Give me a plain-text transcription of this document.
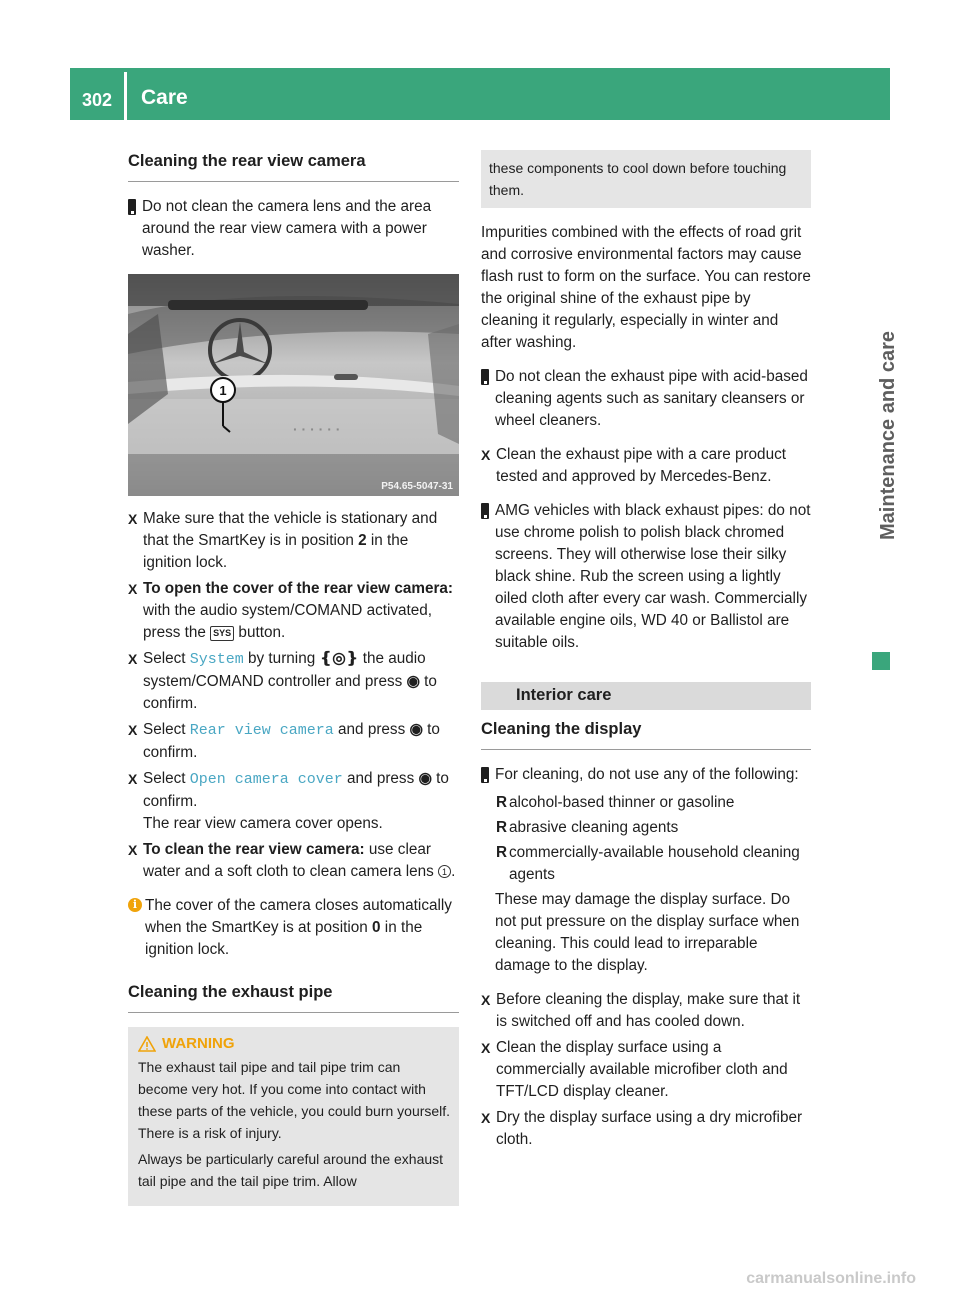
302	Care
Maintenance and care
Cleaning the rear view camera

Do not clean the camera lens and the area around the rear view camera with a power washer.

· · · · · ·
1
P54.65-5047-31

X Make sure that the vehicle is stationary and that the SmartKey is in position 2 in the ignition lock.

X To open the cover of the rear view camera: with the audio system/COMAND activated, press the SYS button.

X Select System by turning ❴◎❵ the audio system/COMAND controller and press ◉ to confirm.

X Select Rear view camera and press ◉ to confirm.

X Select Open camera cover and press ◉ to confirm.
The rear view camera cover opens.

X To clean the rear view camera: use clear water and a soft cloth to clean camera lens 1 .

i The cover of the camera closes automatically when the SmartKey is at position 0 in the ignition lock.

Cleaning the exhaust pipe
WARNING

The exhaust tail pipe and tail pipe trim can become very hot. If you come into contact with these parts of the vehicle, you could burn yourself. There is a risk of injury.

Always be particularly careful around the exhaust tail pipe and the tail pipe trim. Allow

these components to cool down before touching them.

Impurities combined with the effects of road grit and corrosive environmental factors may cause flash rust to form on the surface. You can restore the original shine of the exhaust pipe by cleaning it regularly, especially in winter and after washing.

Do not clean the exhaust pipe with acid-based cleaning agents such as sanitary cleansers or wheel cleaners.

X Clean the exhaust pipe with a care product tested and approved by Mercedes-Benz.

AMG vehicles with black exhaust pipes: do not use chrome polish to polish black chromed screens. They will otherwise lose their silky black shine. Rub the screen using a lightly oiled cloth after every car wash. Commercially available engine oils, WD 40 or Ballistol are suitable oils.

Interior care
Cleaning the display

For cleaning, do not use any of the following:

R alcohol-based thinner or gasoline

R abrasive cleaning agents

R commercially-available household cleaning agents

These may damage the display surface. Do not put pressure on the display surface when cleaning. This could lead to irreparable damage to the display.

X Before cleaning the display, make sure that it is switched off and has cooled down.

X Clean the display surface using a commercially available microfiber cloth and TFT/LCD display cleaner.

X Dry the display surface using a dry microfiber cloth.

carmanualsonline.info
